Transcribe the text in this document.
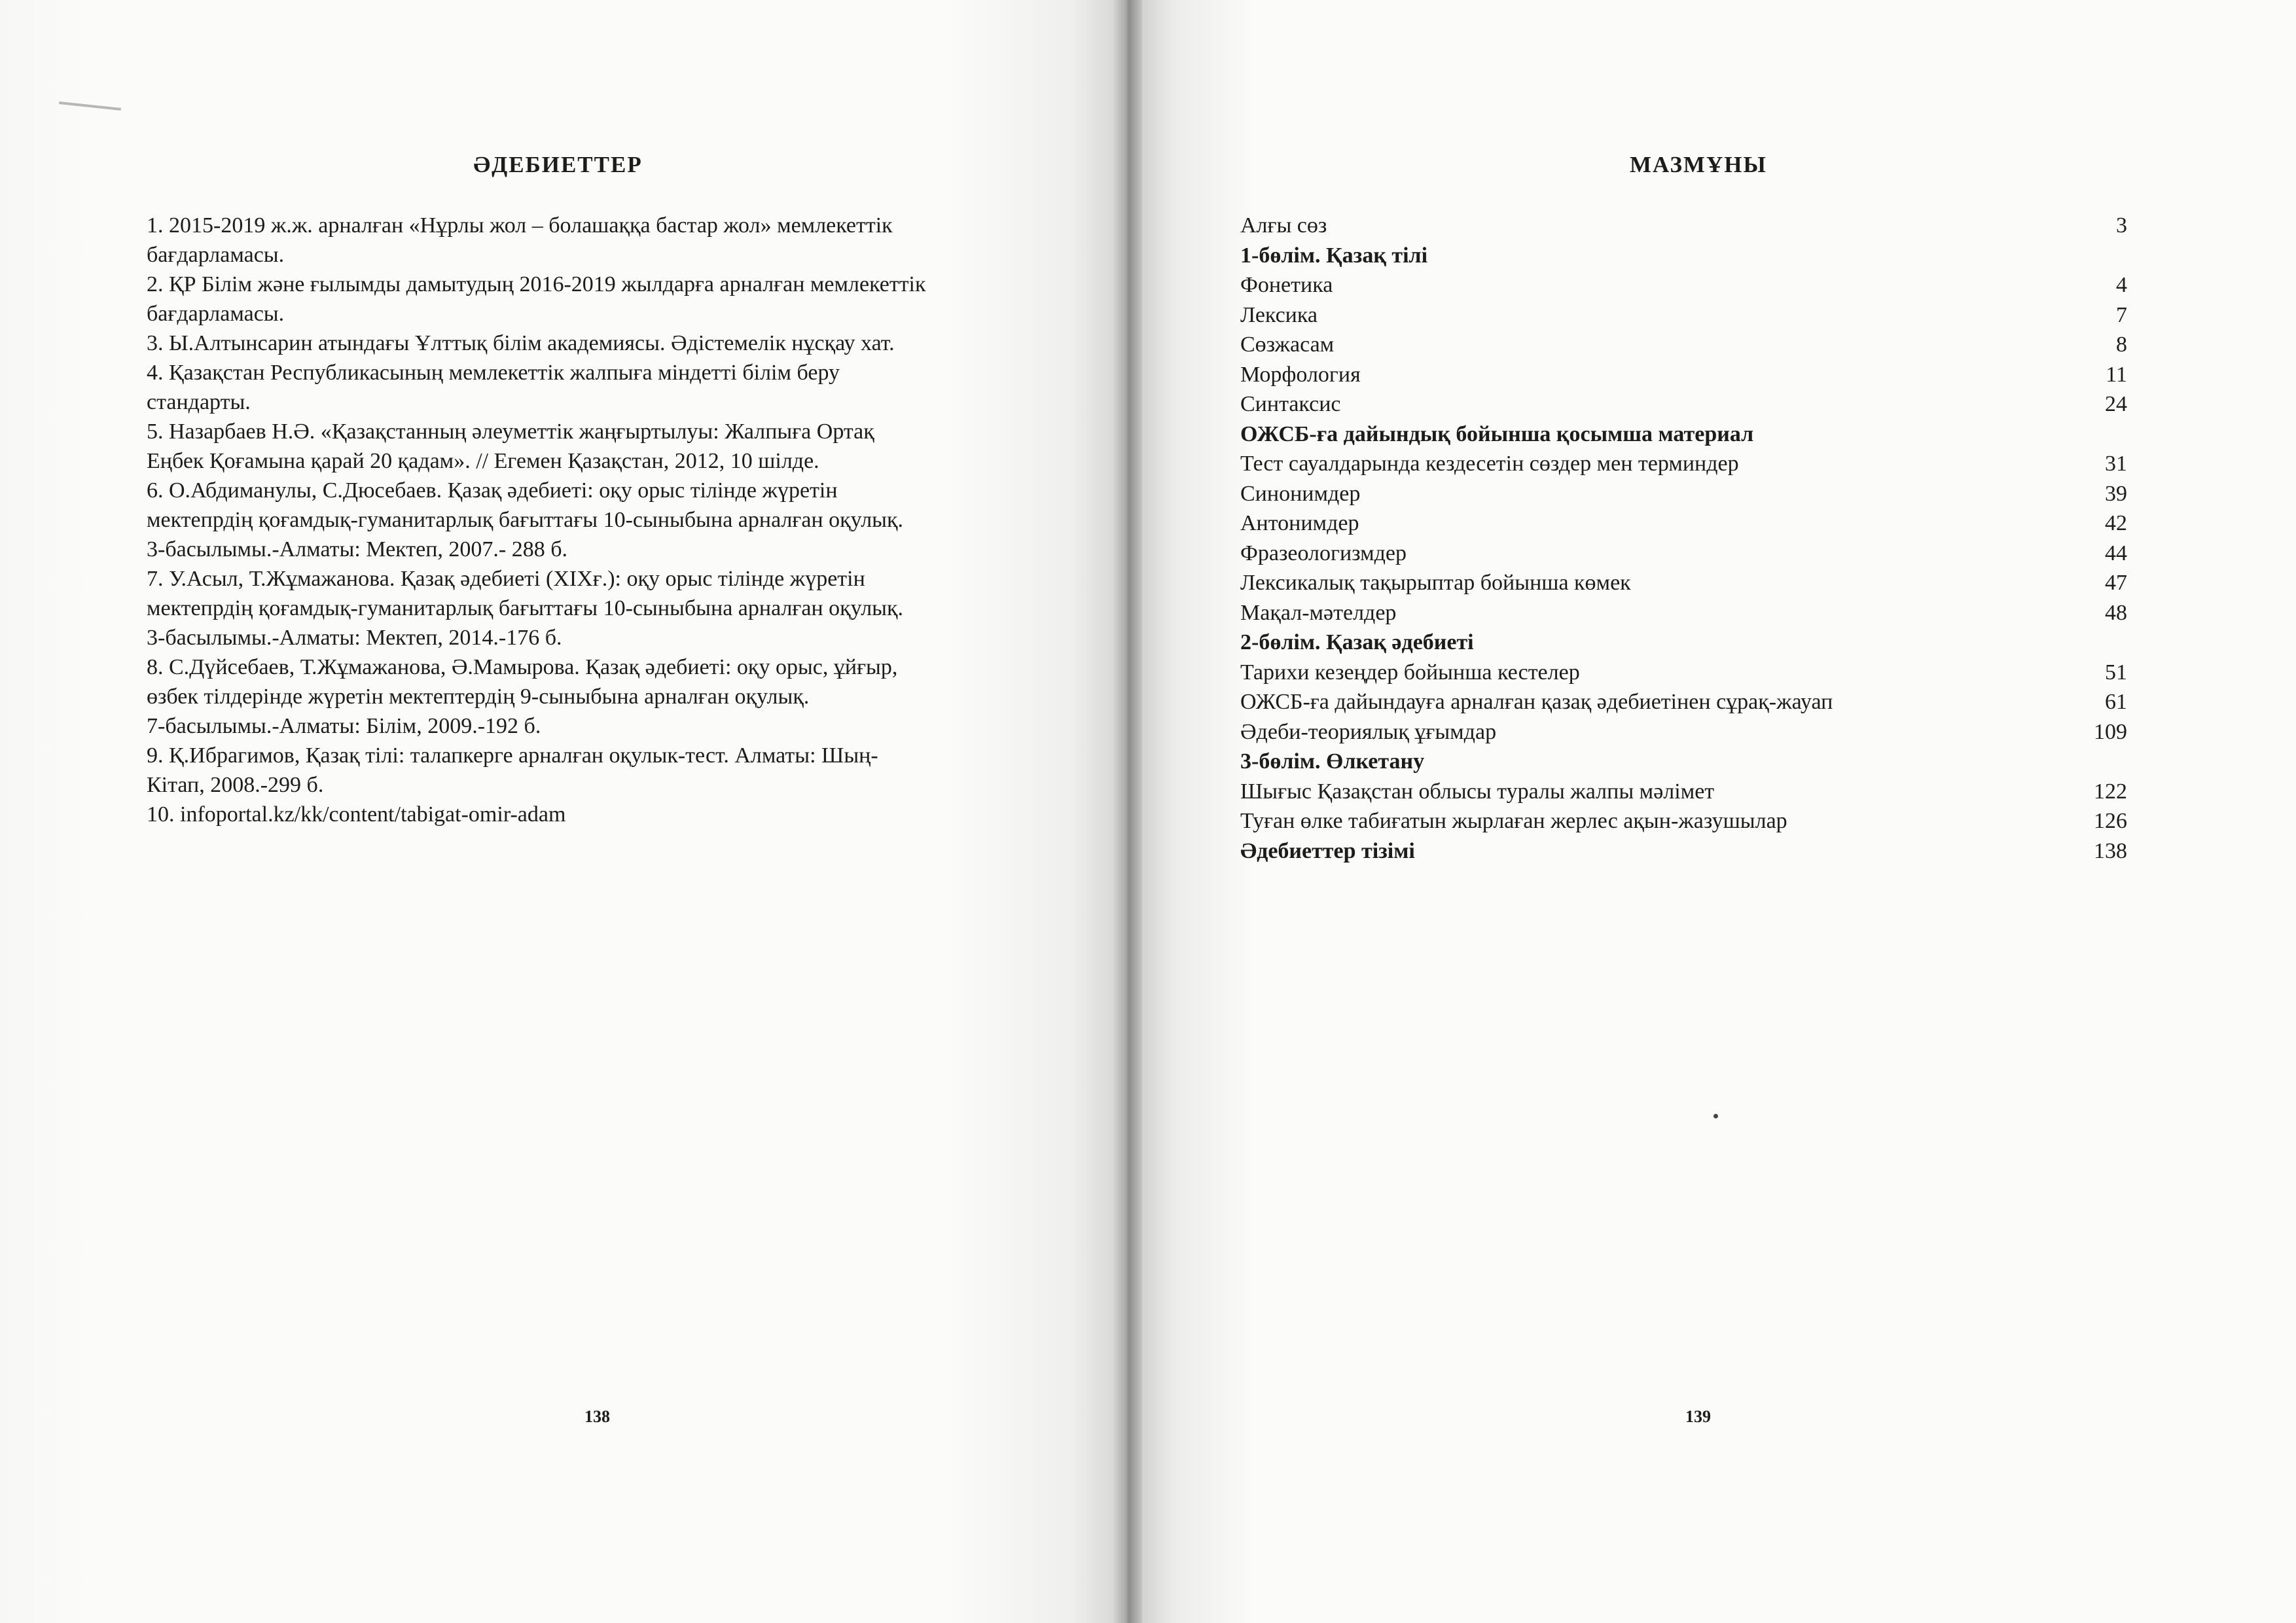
ӘДЕБИЕТТЕР
1. 2015-2019 ж.ж. арналған «Нұрлы жол – болашаққа бастар жол» мемлекеттік
бағдарламасы.
2. ҚР Білім және ғылымды дамытудың 2016-2019 жылдарға арналған мемлекеттік
бағдарламасы.
3. Ы.Алтынсарин атындағы Ұлттық білім академиясы. Әдістемелік нұсқау хат.
4. Қазақстан Республикасының мемлекеттік жалпыға міндетті білім беру
стандарты.
5. Назарбаев Н.Ә. «Қазақстанның әлеуметтік жаңғыртылуы: Жалпыға Ортақ
Еңбек Қоғамына қарай 20 қадам». // Егемен Қазақстан, 2012, 10 шілде.
6. О.Абдиманулы, С.Дюсебаев. Қазақ әдебиеті: оқу орыс тілінде жүретін
мектепрдің қоғамдық-гуманитарлық бағыттағы 10-сыныбына арналған оқулық.
3-басылымы.-Алматы: Мектеп, 2007.- 288 б.
7. У.Асыл, Т.Жұмажанова. Қазақ әдебиеті (ХІХғ.): оқу орыс тілінде жүретін
мектепрдің қоғамдық-гуманитарлық бағыттағы 10-сыныбына арналған оқулық.
3-басылымы.-Алматы: Мектеп, 2014.-176 б.
8. С.Дүйсебаев, Т.Жұмажанова, Ә.Мамырова. Қазақ әдебиеті: оқу орыс, ұйғыр,
өзбек тілдерінде жүретін мектептердің 9-сыныбына арналған оқулық.
7-басылымы.-Алматы: Білім, 2009.-192 б.
9. Қ.Ибрагимов, Қазақ тілі: талапкерге арналған оқулык-тест. Алматы: Шың-
Кітап, 2008.-299 б.
10. infoportal.kz/kk/content/tabigat-omir-adam
138
МАЗМҰНЫ
Алғы сөз	3
1-бөлім. Қазақ тілі
Фонетика	4
Лексика	7
Сөзжасам	8
Морфология	11
Синтаксис	24
ОЖСБ-ға дайындық бойынша қосымша материал
Тест сауалдарында кездесетін сөздер мен терминдер	31
Синонимдер	39
Антонимдер	42
Фразеологизмдер	44
Лексикалық тақырыптар бойынша көмек	47
Мақал-мәтелдер	48
2-бөлім. Қазақ әдебиеті
Тарихи кезеңдер бойынша кестелер	51
ОЖСБ-ға дайындауға арналған қазақ әдебиетінен сұрақ-жауап	61
Әдеби-теориялық ұғымдар	109
3-бөлім. Өлкетану
Шығыс Қазақстан облысы туралы жалпы мәлімет	122
Туған өлке табиғатын жырлаған жерлес ақын-жазушылар	126
Әдебиеттер тізімі	138
139
